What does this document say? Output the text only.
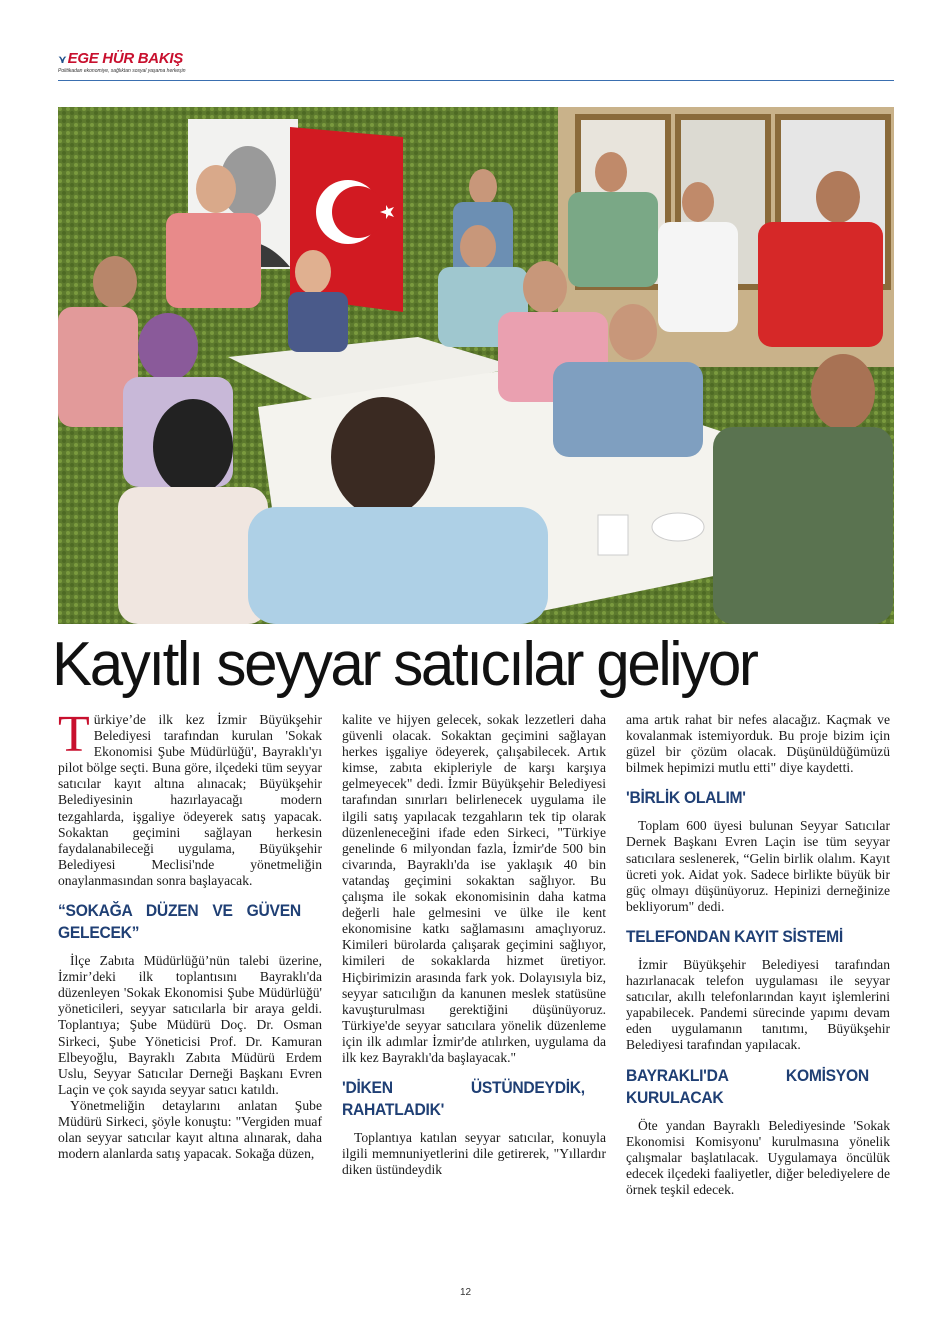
⋎EGE HÜR BAKIŞ
Politikadan ekonomiye, sağlıktan sosyal yaşama herkeşin
Kayıtlı seyyar satıcılar geliyor

Türkiye’de ilk kez İzmir Büyükşehir Belediyesi tarafından kurulan 'Sokak Ekonomisi Şube Müdürlüğü', Bayraklı'yı pilot bölge seçti. Buna göre, ilçedeki tüm seyyar satıcılar kayıt altına alınacak; Büyükşehir Belediyesinin hazırlayacağı modern tezgahlarda, işgaliye ödeyerek satış yapacak. Sokaktan geçimini sağlayan herkesin faydalanabileceği uygulama, Büyükşehir Belediyesi Meclisi'nde yönetmeliğin onaylanmasından sonra başlayacak.

“SOKAĞA DÜZEN VE GÜVEN GELECEK”

İlçe Zabıta Müdürlüğü’nün talebi üzerine, İzmir’deki ilk toplantısını Bayraklı'da düzenleyen 'Sokak Ekonomisi Şube Müdürlüğü' yöneticileri, seyyar satıcılarla bir araya geldi. Toplantıya; Şube Müdürü Doç. Dr. Osman Sirkeci, Şube Yöneticisi Prof. Dr. Kamuran Elbeyoğlu, Bayraklı Zabıta Müdürü Erdem Uslu, Seyyar Satıcılar Derneği Başkanı Evren Laçin ve çok sayıda seyyar satıcı katıldı.

Yönetmeliğin detaylarını anlatan Şube Müdürü Sirkeci, şöyle konuştu: "Vergiden muaf olan seyyar satıcılar kayıt altına alınarak, daha modern alanlarda satış yapacak. Sokağa düzen,

kalite ve hijyen gelecek, sokak lezzetleri daha güvenli olacak. Sokaktan geçimini sağlayan herkes işgaliye ödeyerek, çalışabilecek. Artık kimse, zabıta ekipleriyle de karşı karşıya gelmeyecek" dedi. İzmir Büyükşehir Belediyesi tarafından sınırları belirlenecek uygulama ile ilgili satış yapılacak tezgahların tek tip olarak düzenleneceğini ifade eden Sirkeci, "Türkiye genelinde 6 milyondan fazla, İzmir'de 500 bin civarında, Bayraklı'da ise yaklaşık 40 bin vatandaş geçimini sokaktan sağlıyor. Bu çalışma ile sokak ekonomisinin daha katma değerli hale gelmesini ve ülke ile kent ekonomisine katkı sağlamasını amaçlıyoruz. Kimileri bürolarda çalışarak geçimini sağlıyor, kimileri de sokaklarda hizmet üretiyor. Hiçbirimizin arasında fark yok. Dolayısıyla biz, seyyar satıcılığın da kanunen meslek statüsüne kavuşturulması gerektiğini düşünüyoruz. Türkiye'de seyyar satıcılara yönelik düzenleme için ilk adımlar İzmir'de atılırken, uygulama da ilk kez Bayraklı'da başlayacak."

'DİKEN ÜSTÜNDEYDİK, RAHATLADIK'

Toplantıya katılan seyyar satıcılar, konuyla ilgili memnuniyetlerini dile getirerek, "Yıllardır diken üstündeydik

ama artık rahat bir nefes alacağız. Kaçmak ve kovalanmak istemiyorduk. Bu proje bizim için güzel bir çözüm olacak. Düşünüldüğümüzü bilmek hepimizi mutlu etti" diye kaydetti.

'BİRLİK OLALIM'

Toplam 600 üyesi bulunan Seyyar Satıcılar Dernek Başkanı Evren Laçin ise tüm seyyar satıcılara seslenerek, “Gelin birlik olalım. Kayıt ücreti yok. Aidat yok. Sadece birlikte büyük bir güç olmayı düşünüyoruz. Hepinizi derneğinize bekliyorum" dedi.

TELEFONDAN KAYIT SİSTEMİ

İzmir Büyükşehir Belediyesi tarafından hazırlanacak telefon uygulaması ile seyyar satıcılar, akıllı telefonlarından kayıt işlemlerini yapabilecek. Pandemi sürecinde yapımı devam eden uygulamanın tanıtımı, Büyükşehir Belediyesi tarafından yapılacak.

BAYRAKLI'DA KOMİSYON KURULACAK

Öte yandan Bayraklı Belediyesinde 'Sokak Ekonomisi Komisyonu' kurulmasına yönelik çalışmalar başlatılacak. Uygulamaya öncülük edecek ilçedeki faaliyetler, diğer belediyelere de örnek teşkil edecek.

12
